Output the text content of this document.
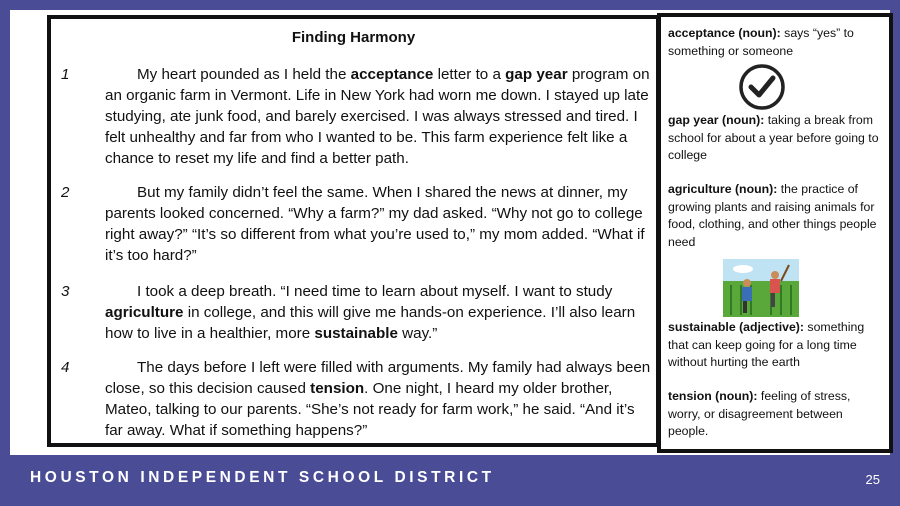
Finding Harmony
1	My heart pounded as I held the acceptance letter to a gap year program on an organic farm in Vermont. Life in New York had worn me down. I stayed up late studying, ate junk food, and barely exercised. I was always stressed and tired. I felt unhealthy and far from who I wanted to be. This farm experience felt like a chance to reset my life and find a better path.
2	But my family didn’t feel the same. When I shared the news at dinner, my parents looked concerned. “Why a farm?” my dad asked. “Why not go to college right away?” “It’s so different from what you’re used to,” my mom added. “What if it’s too hard?”
3	I took a deep breath. “I need time to learn about myself. I want to study agriculture in college, and this will give me hands-on experience. I’ll also learn how to live in a healthier, more sustainable way.”
4	The days before I left were filled with arguments. My family had always been close, so this decision caused tension. One night, I heard my older brother, Mateo, talking to our parents. “She’s not ready for farm work,” he said. “And it’s far away. What if something happens?”
acceptance (noun): says “yes” to something or someone
gap year (noun): taking a break from school for about a year before going to college
agriculture (noun): the practice of growing plants and raising animals for food, clothing, and other things people need
sustainable (adjective): something that can keep going for a long time without hurting the earth
tension (noun): feeling of stress, worry, or disagreement between people.
HOUSTON INDEPENDENT SCHOOL DISTRICT	25
